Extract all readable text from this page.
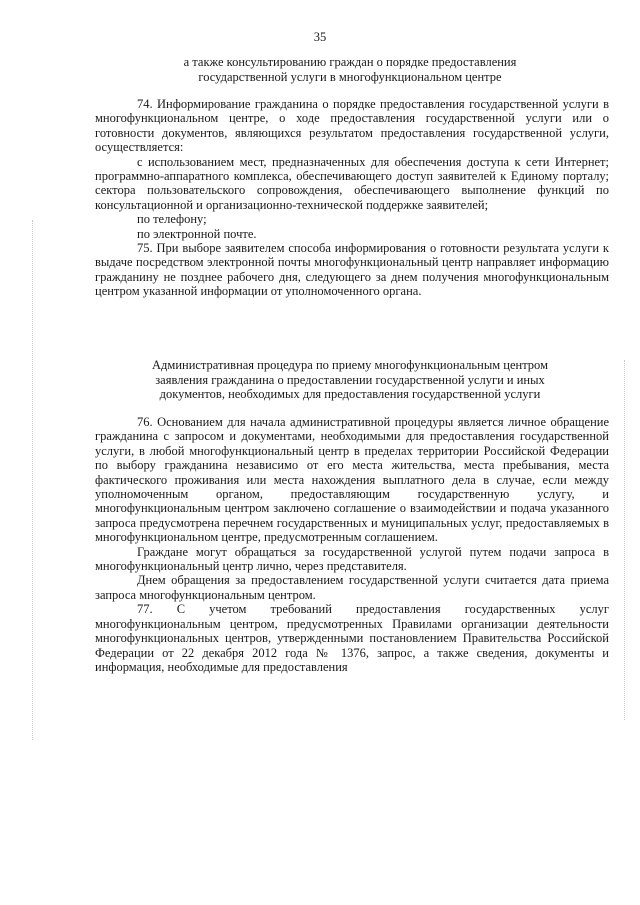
35
а также консультированию граждан о порядке предоставления
государственной услуги в многофункциональном центре

74. Информирование гражданина о порядке предоставления государственной услуги в многофункциональном центре, о ходе предоставления государственной услуги или о готовности документов, являющихся результатом предоставления государственной услуги, осуществляется:

с использованием мест, предназначенных для обеспечения доступа к сети Интернет; программно-аппаратного комплекса, обеспечивающего доступ заявителей к Единому порталу; сектора пользовательского сопровождения, обеспечивающего выполнение функций по консультационной и организационно-технической поддержке заявителей;

по телефону;

по электронной почте.

75. При выборе заявителем способа информирования о готовности результата услуги к выдаче посредством электронной почты многофункциональный центр направляет информацию гражданину не позднее рабочего дня, следующего за днем получения многофункциональным центром указанной информации от уполномоченного органа.

Административная процедура по приему многофункциональным центром
заявления гражданина о предоставлении государственной услуги и иных
документов, необходимых для предоставления государственной услуги

76. Основанием для начала административной процедуры является личное обращение гражданина с запросом и документами, необходимыми для предоставления государственной услуги, в любой многофункциональный центр в пределах территории Российской Федерации по выбору гражданина независимо от его места жительства, места пребывания, места фактического проживания или места нахождения выплатного дела в случае, если между уполномоченным органом, предоставляющим государственную услугу, и многофункциональным центром заключено соглашение о взаимодействии и подача указанного запроса предусмотрена перечнем государственных и муниципальных услуг, предоставляемых в многофункциональном центре, предусмотренным соглашением.

Граждане могут обращаться за государственной услугой путем подачи запроса в многофункциональный центр лично, через представителя.

Днем обращения за предоставлением государственной услуги считается дата приема запроса многофункциональным центром.

77. С учетом требований предоставления государственных услуг многофункциональным центром, предусмотренных Правилами организации деятельности многофункциональных центров, утвержденными постановлением Правительства Российской Федерации от 22 декабря 2012 года № 1376, запрос, а также сведения, документы и информация, необходимые для предоставления
